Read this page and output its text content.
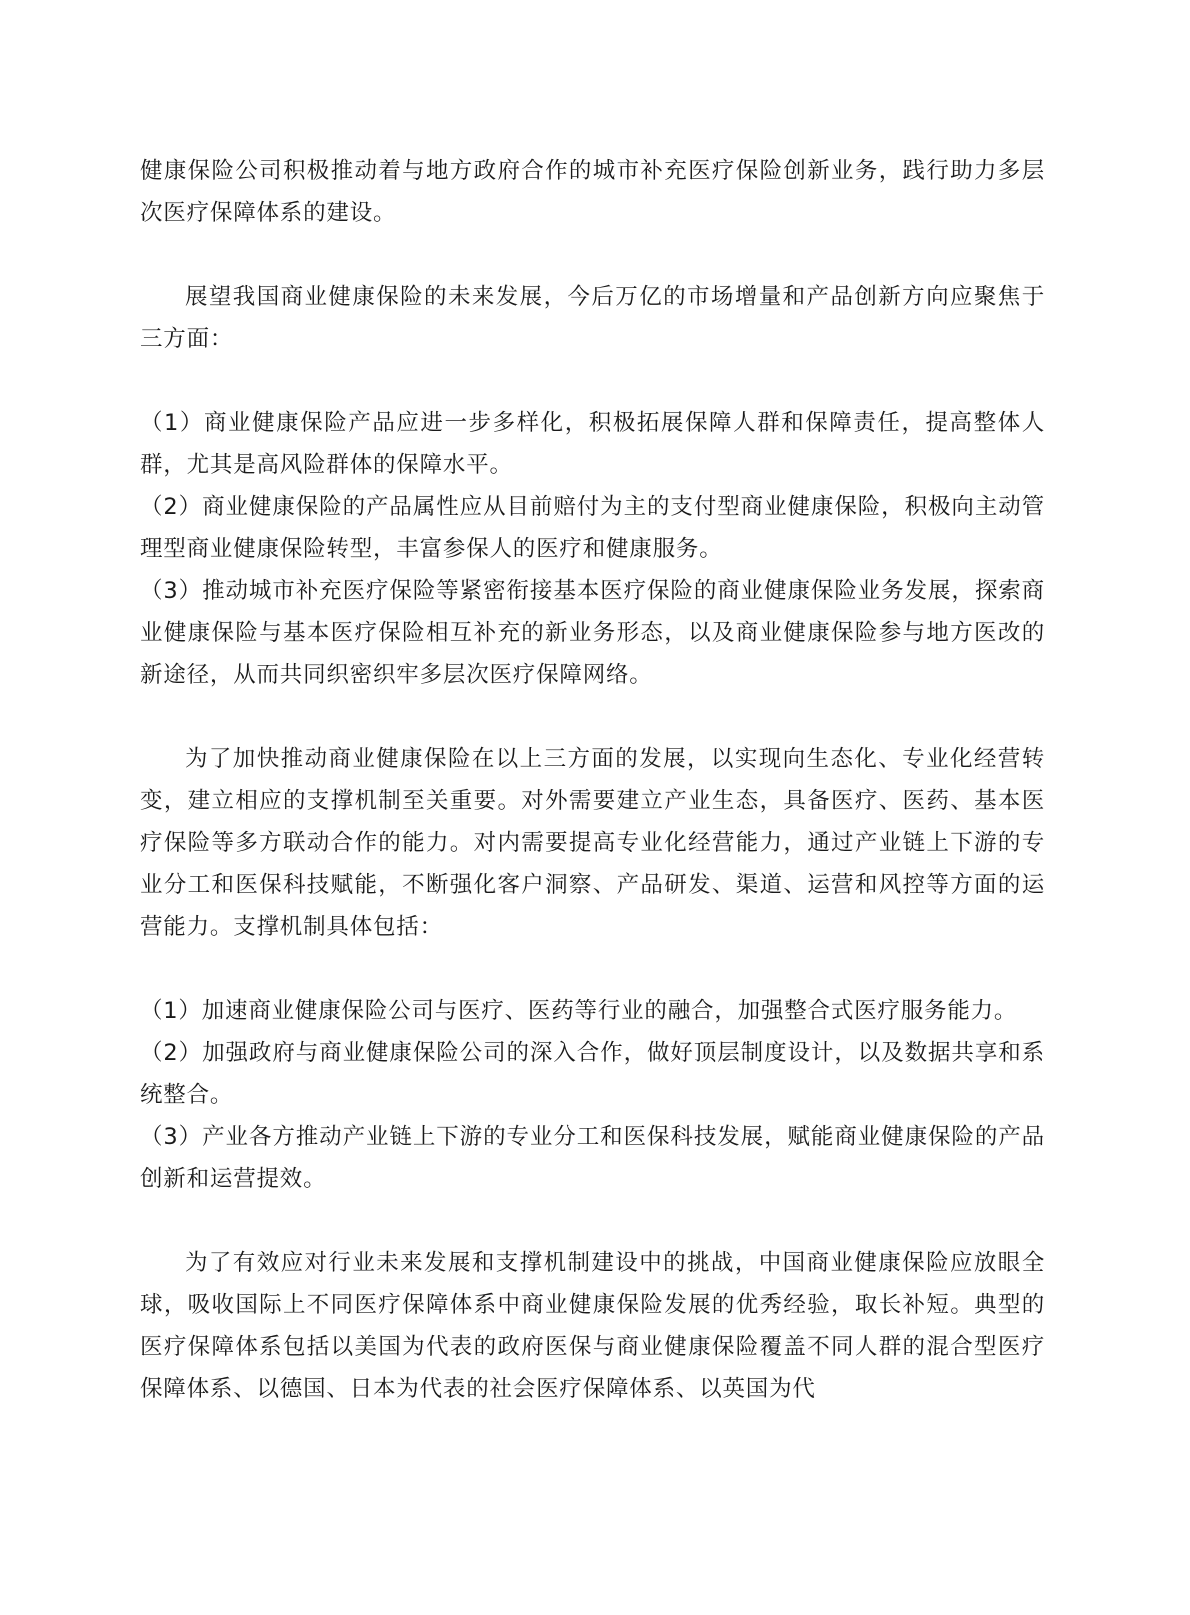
健康保险公司积极推动着与地方政府合作的城市补充医疗保险创新业务，践行助力多层次医疗保障体系的建设。

展望我国商业健康保险的未来发展，今后万亿的市场增量和产品创新方向应聚焦于三方面：

（1）商业健康保险产品应进一步多样化，积极拓展保障人群和保障责任，提高整体人群，尤其是高风险群体的保障水平。

（2）商业健康保险的产品属性应从目前赔付为主的支付型商业健康保险，积极向主动管理型商业健康保险转型，丰富参保人的医疗和健康服务。

（3）推动城市补充医疗保险等紧密衔接基本医疗保险的商业健康保险业务发展，探索商业健康保险与基本医疗保险相互补充的新业务形态，以及商业健康保险参与地方医改的新途径，从而共同织密织牢多层次医疗保障网络。

为了加快推动商业健康保险在以上三方面的发展，以实现向生态化、专业化经营转变，建立相应的支撑机制至关重要。对外需要建立产业生态，具备医疗、医药、基本医疗保险等多方联动合作的能力。对内需要提高专业化经营能力，通过产业链上下游的专业分工和医保科技赋能，不断强化客户洞察、产品研发、渠道、运营和风控等方面的运营能力。支撑机制具体包括：

（1）加速商业健康保险公司与医疗、医药等行业的融合，加强整合式医疗服务能力。

（2）加强政府与商业健康保险公司的深入合作，做好顶层制度设计，以及数据共享和系统整合。

（3）产业各方推动产业链上下游的专业分工和医保科技发展，赋能商业健康保险的产品创新和运营提效。

为了有效应对行业未来发展和支撑机制建设中的挑战，中国商业健康保险应放眼全球，吸收国际上不同医疗保障体系中商业健康保险发展的优秀经验，取长补短。典型的医疗保障体系包括以美国为代表的政府医保与商业健康保险覆盖不同人群的混合型医疗保障体系、以德国、日本为代表的社会医疗保障体系、以英国为代
